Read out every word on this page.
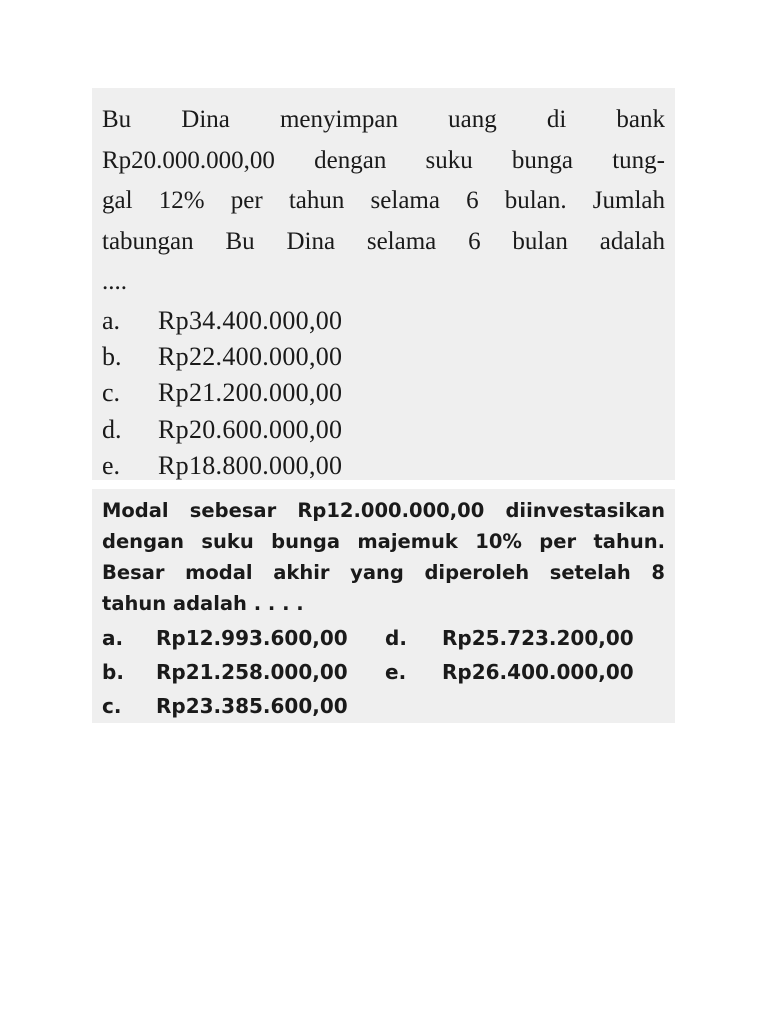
Bu Dina menyimpan uang di bank
Rp20.000.000,00 dengan suku bunga tung-
gal 12% per tahun selama 6 bulan. Jumlah
tabungan Bu Dina selama 6 bulan adalah
....

a.	Rp34.400.000,00
b.	Rp22.400.000,00
c.	Rp21.200.000,00
d.	Rp20.600.000,00
e.	Rp18.800.000,00

Modal sebesar Rp12.000.000,00 diinvestasikan
dengan suku bunga majemuk 10% per tahun.
Besar modal akhir yang diperoleh setelah 8
tahun adalah . . . .

a.	Rp12.993.600,00 d.	Rp25.723.200,00
b.	Rp21.258.000,00 e.	Rp26.400.000,00
c.	Rp23.385.600,00
